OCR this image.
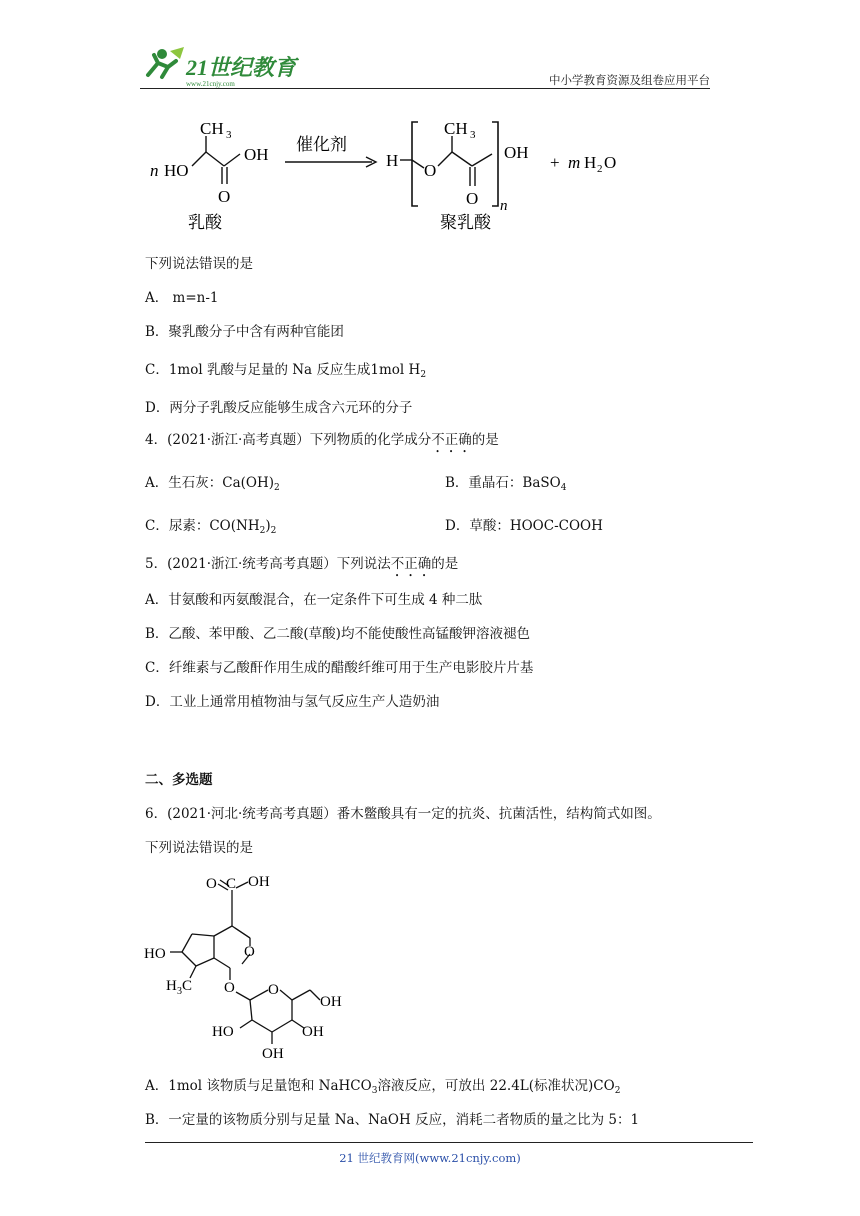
21世纪教育
www.21cnjy.com	中小学教育资源及组卷应用平台
n HO
CH 3
OH
O
乳酸
催化剂
H
O
CH 3
OH
O n
+ m H 2 O
聚乳酸
下列说法错误的是
A． m=n-1
B．聚乳酸分子中含有两种官能团
C．1mol 乳酸与足量的 Na 反应生成1mol $H_2$
D．两分子乳酸反应能够生成含六元环的分子
4．(2021·浙江·高考真题）下列物质的化学成分不正确的是
A．生石灰：$Ca(OH)_2$	B．重晶石：BaSO$_4$
C．尿素：$CO(NH_2)_2$	D．草酸：HOOC-COOH
5．(2021·浙江·统考高考真题）下列说法不正确的是
A．甘氨酸和丙氨酸混合，在一定条件下可生成 4 种二肽
B．乙酸、苯甲酸、乙二酸(草酸)均不能使酸性高锰酸钾溶液褪色
C．纤维素与乙酸酐作用生成的醋酸纤维可用于生产电影胶片片基
D．工业上通常用植物油与氢气反应生产人造奶油
二、多选题
6．(2021·河北·统考高考真题）番木鳖酸具有一定的抗炎、抗菌活性，结构简式如图。
下列说法错误的是
O C OH
O
HO
H 3 C O O
OH
HO	OH
OH
A．1mol 该物质与足量饱和 NaHCO$_3$溶液反应，可放出 22.4L(标准状况)$CO_2$
B．一定量的该物质分别与足量 Na、NaOH 反应，消耗二者物质的量之比为 5：1
21 世纪教育网(www.21cnjy.com)
